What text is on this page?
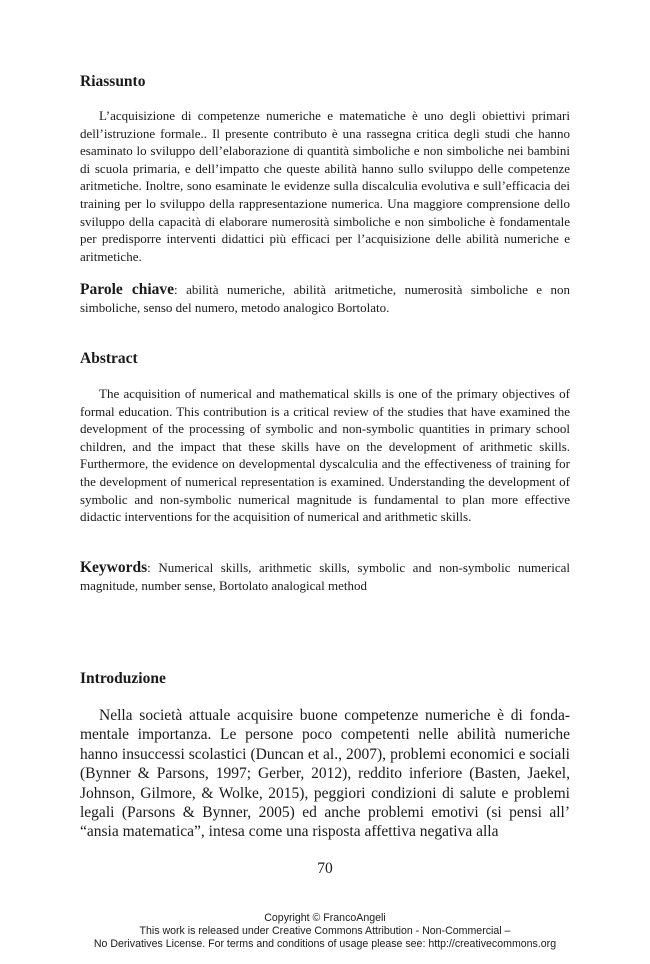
Riassunto

L’acquisizione di competenze numeriche e matematiche è uno degli obiettivi primari dell’istruzione formale.. Il presente contributo è una rassegna critica degli studi che hanno esaminato lo sviluppo dell’elaborazione di quantità simboliche e non simboliche nei bambini di scuola primaria, e dell’impatto che queste abilità hanno sullo sviluppo delle competenze aritmetiche. Inoltre, sono esaminate le evidenze sulla discalculia evolutiva e sull’efficacia dei training per lo sviluppo della rappresentazione numerica. Una maggiore comprensione dello sviluppo della capacità di elaborare numerosità simboliche e non simboliche è fondamentale per predisporre interventi didattici più efficaci per l’acquisizione delle abilità numeriche e aritmetiche.

Parole chiave: abilità numeriche, abilità aritmetiche, numerosità simboliche e non simboliche, senso del numero, metodo analogico Bortolato.

Abstract

The acquisition of numerical and mathematical skills is one of the primary objectives of formal education. This contribution is a critical review of the studies that have examined the development of the processing of symbolic and non-symbolic quantities in primary school children, and the impact that these skills have on the development of arithmetic skills. Furthermore, the evidence on developmental dyscalculia and the effectiveness of training for the development of numerical representation is examined. Understanding the development of symbolic and non-symbolic numerical magnitude is fundamental to plan more effective didactic interventions for the acquisition of numerical and arithmetic skills.

Keywords: Numerical skills, arithmetic skills, symbolic and non-symbolic numerical magnitude, number sense, Bortolato analogical method

Introduzione

Nella società attuale acquisire buone competenze numeriche è di fondamentale importanza. Le persone poco competenti nelle abilità numeriche hanno insuccessi scolastici (Duncan et al., 2007), problemi economici e sociali (Bynner & Parsons, 1997; Gerber, 2012), reddito inferiore (Basten, Jaekel, Johnson, Gilmore, & Wolke, 2015), peggiori condizioni di salute e problemi legali (Parsons & Bynner, 2005) ed anche problemi emotivi (si pensi all’ “ansia matematica”, intesa come una risposta affettiva negativa alla

70
Copyright © FrancoAngeli
This work is released under Creative Commons Attribution - Non-Commercial –
No Derivatives License. For terms and conditions of usage please see: http://creativecommons.org
